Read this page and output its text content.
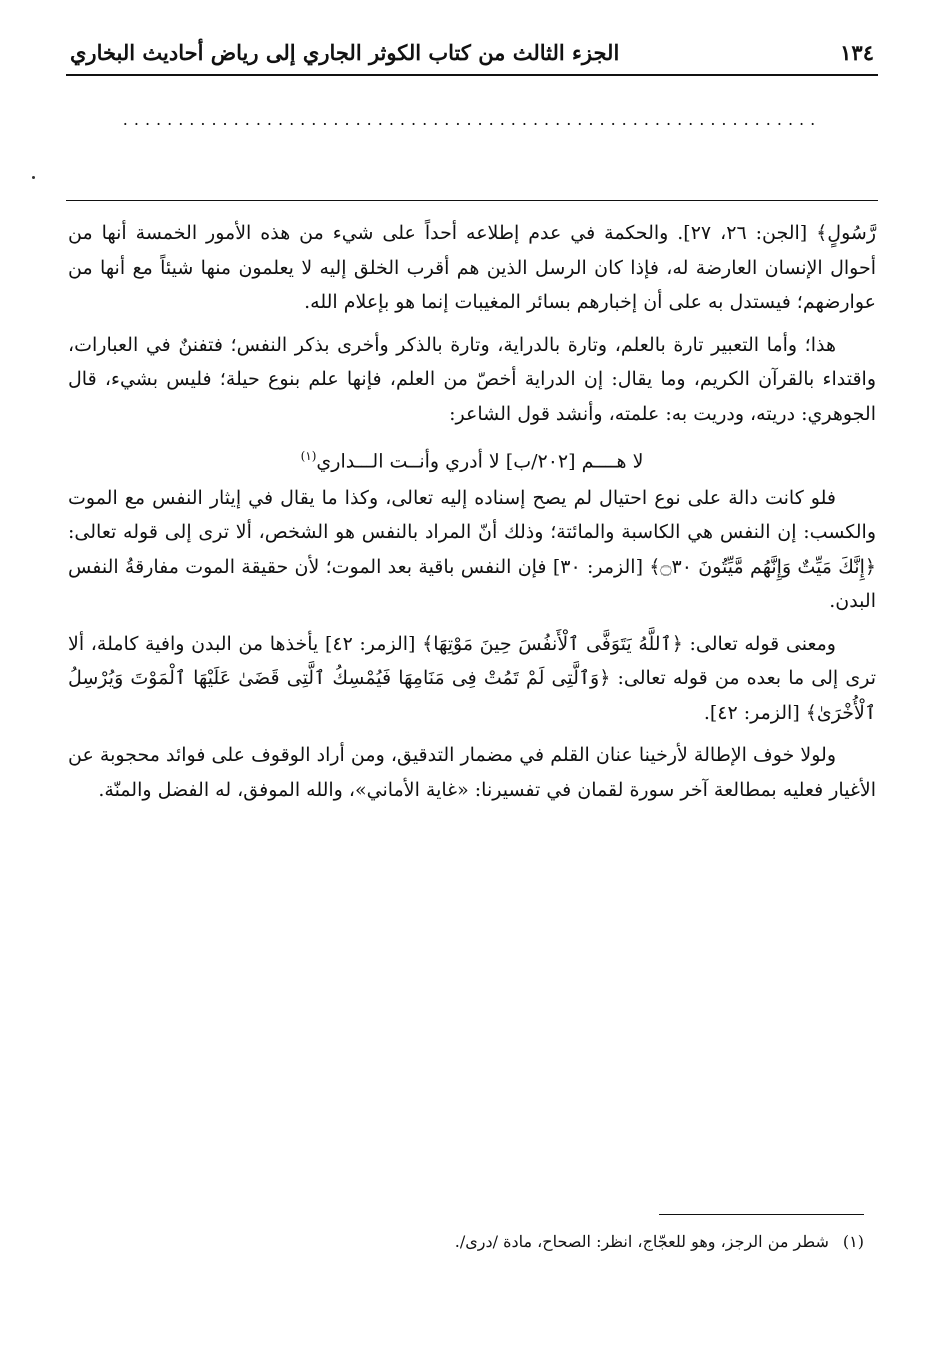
١٣٤
الجزء الثالث من كتاب الكوثر الجاري إلى رياض أحاديث البخاري
...............................................................

رَّسُولٍ﴾ [الجن: ٢٦، ٢٧]. والحكمة في عدم إطلاعه أحداً على شيء من هذه الأمور الخمسة أنها من أحوال الإنسان العارضة له، فإذا كان الرسل الذين هم أقرب الخلق إليه لا يعلمون منها شيئاً مع أنها من عوارضهم؛ فيستدل به على أن إخبارهم بسائر المغيبات إنما هو بإعلام الله.

هذا؛ وأما التعبير تارة بالعلم، وتارة بالدراية، وتارة بالذكر وأخرى بذكر النفس؛ فتفننٌ في العبارات، واقتداء بالقرآن الكريم، وما يقال: إن الدراية أخصّ من العلم، فإنها علم بنوع حيلة؛ فليس بشيء، قال الجوهري: دريته، ودريت به: علمته، وأنشد قول الشاعر:

لا هــــم [٢٠٢/ب] لا أدري وأنــت الـــداري$^{(١)}$

فلو كانت دالة على نوع احتيال لم يصح إسناده إليه تعالى، وكذا ما يقال في إيثار النفس مع الموت والكسب: إن النفس هي الكاسبة والمائتة؛ وذلك أنّ المراد بالنفس هو الشخص، ألا ترى إلى قوله تعالى: ﴿إِنَّكَ مَيِّتٌ وَإِنَّهُم مَّيِّتُونَ ۝٣٠﴾ [الزمر: ٣٠] فإن النفس باقية بعد الموت؛ لأن حقيقة الموت مفارقةُ النفس البدن.

ومعنى قوله تعالى: ﴿ٱللَّهُ يَتَوَفَّى ٱلْأَنفُسَ حِينَ مَوْتِهَا﴾ [الزمر: ٤٢] يأخذها من البدن وافية كاملة، ألا ترى إلى ما بعده من قوله تعالى: ﴿وَٱلَّتِى لَمْ تَمُتْ فِى مَنَامِهَا فَيُمْسِكُ ٱلَّتِى قَضَىٰ عَلَيْهَا ٱلْمَوْتَ وَيُرْسِلُ ٱلْأُخْرَىٰ﴾ [الزمر: ٤٢].

ولولا خوف الإطالة لأرخينا عنان القلم في مضمار التدقيق، ومن أراد الوقوف على فوائد محجوبة عن الأغيار فعليه بمطالعة آخر سورة لقمان في تفسيرنا: «غاية الأماني»، والله الموفق، له الفضل والمنّة.

(١)شطر من الرجز، وهو للعجّاج، انظر: الصحاح، مادة /درى/.
